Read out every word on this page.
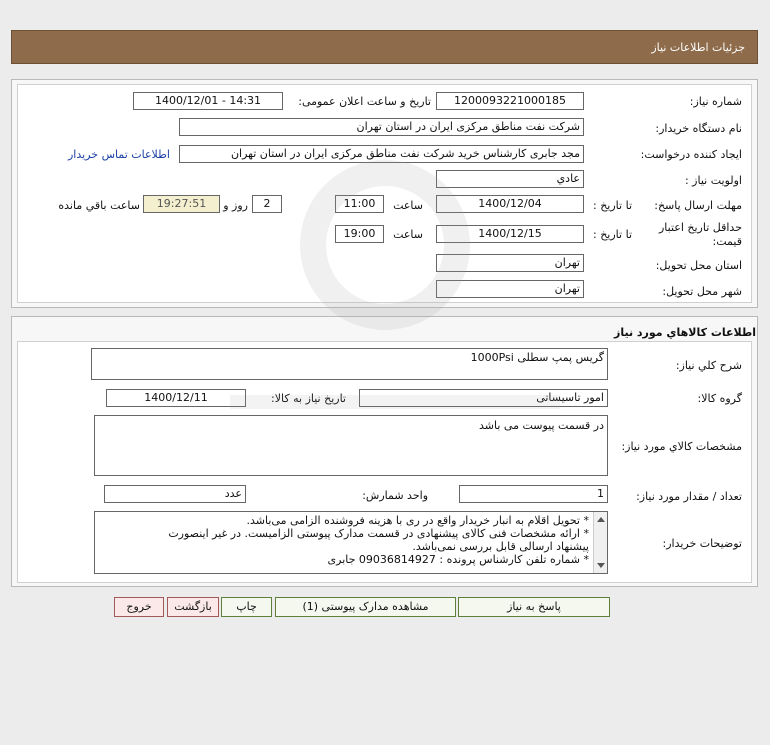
جزئیات اطلاعات نیاز
شماره نیاز:
1200093221000185
تاریخ و ساعت اعلان عمومی:
1400/12/01 - 14:31
نام دستگاه خریدار:
شرکت نفت مناطق مرکزی ایران در استان تهران
ایجاد کننده درخواست:
مجد جابری کارشناس خرید شرکت نفت مناطق مرکزی ایران در استان تهران
اطلاعات تماس خریدار
اولویت نیاز :
عادي
مهلت ارسال پاسخ:
تا تاریخ :
1400/12/04
ساعت
11:00
2
روز و
19:27:51
ساعت باقي مانده
حداقل تاریخ اعتبار
قیمت:
تا تاریخ :
1400/12/15
ساعت
19:00
استان محل تحویل:
تهران
شهر محل تحویل:
تهران
اطلاعات کالاهاي مورد نیاز
شرح کلي نیاز:
گریس پمپ سطلی 1000Psi
گروه کالا:
امور تاسیساتی
تاریخ نیاز به کالا:
1400/12/11
مشخصات کالاي مورد نیاز:
در قسمت پیوست می باشد
تعداد / مقدار مورد نیاز:
1
واحد شمارش:
عدد
توضیحات خریدار:
* تحویل اقلام به انبار خریدار واقع در ری با هزینه فروشنده الزامی می‌باشد.
* ارائه مشخصات فنی کالای پیشنهادی در قسمت مدارک پیوستی الزامیست. در غیر اینصورت
پیشنهاد ارسالی قابل بررسی نمی‌باشد.
* شماره تلفن کارشناس پرونده : 09036814927 جابری
پاسخ به نیاز
مشاهده مدارک پیوستی (1)
چاپ
بازگشت
خروج
